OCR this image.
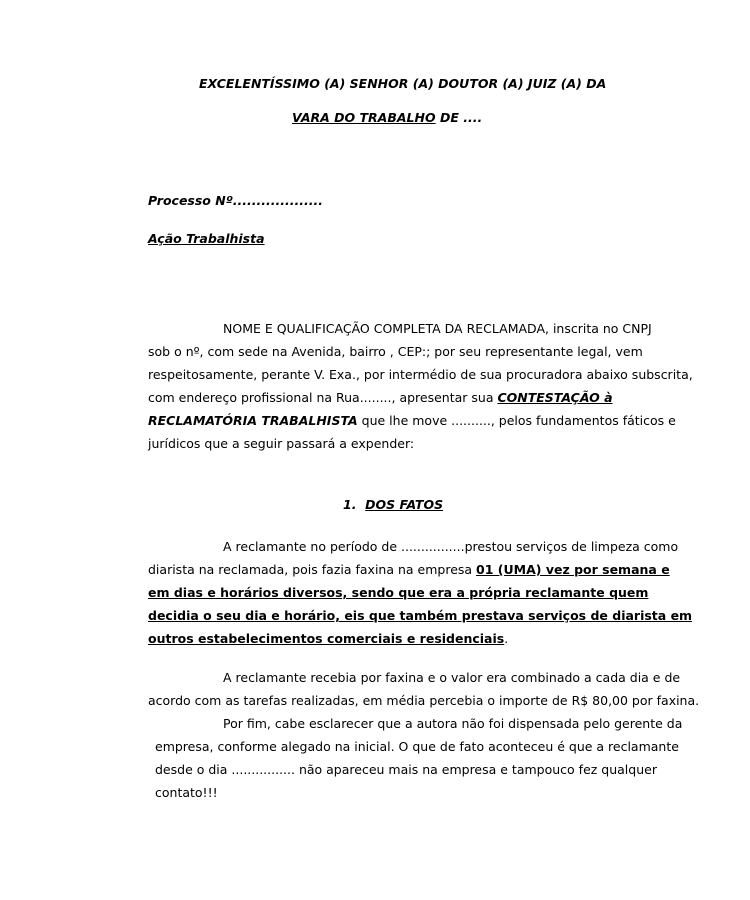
EXCELENTÍSSIMO (A) SENHOR (A) DOUTOR (A) JUIZ (A) DA
VARA DO TRABALHO DE ....
Processo Nº...................
Ação Trabalhista
NOME E QUALIFICAÇÃO COMPLETA DA RECLAMADA, inscrita no CNPJ
sob o nº, com sede na Avenida, bairro , CEP:; por seu representante legal, vem
respeitosamente, perante V. Exa., por intermédio de sua procuradora abaixo subscrita,
com endereço profissional na Rua........, apresentar sua CONTESTAÇÃO à
RECLAMATÓRIA TRABALHISTA que lhe move .........., pelos fundamentos fáticos e
jurídicos que a seguir passará a expender:
1. DOS FATOS
A reclamante no período de ................prestou serviços de limpeza como
diarista na reclamada, pois fazia faxina na empresa 01 (UMA) vez por semana e
em dias e horários diversos, sendo que era a própria reclamante quem
decidia o seu dia e horário, eis que também prestava serviços de diarista em
outros estabelecimentos comerciais e residenciais.
A reclamante recebia por faxina e o valor era combinado a cada dia e de
acordo com as tarefas realizadas, em média percebia o importe de R$ 80,00 por faxina.
Por fim, cabe esclarecer que a autora não foi dispensada pelo gerente da
empresa, conforme alegado na inicial. O que de fato aconteceu é que a reclamante
desde o dia ................ não apareceu mais na empresa e tampouco fez qualquer
contato!!!
